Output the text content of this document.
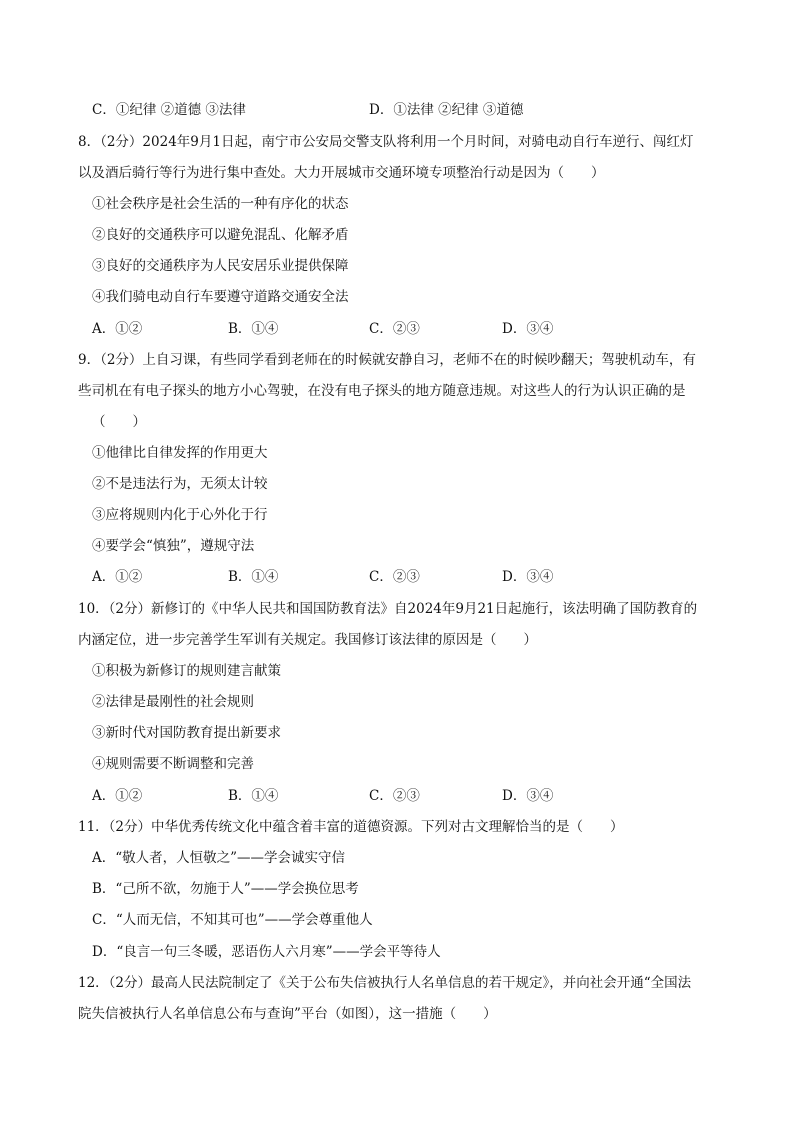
C．①纪律 ②道德 ③法律	D．①法律 ②纪律 ③道德
8．（2分）2024年9月1日起，南宁市公安局交警支队将利用一个月时间，对骑电动自行车逆行、闯红灯
以及酒后骑行等行为进行集中查处。大力开展城市交通环境专项整治行动是因为（　　）
①社会秩序是社会生活的一种有序化的状态
②良好的交通秩序可以避免混乱、化解矛盾
③良好的交通秩序为人民安居乐业提供保障
④我们骑电动自行车要遵守道路交通安全法
A．①②	B．①④	C．②③	D．③④
9．（2分）上自习课，有些同学看到老师在的时候就安静自习，老师不在的时候吵翻天；驾驶机动车，有
些司机在有电子探头的地方小心驾驶，在没有电子探头的地方随意违规。对这些人的行为认识正确的是
（　　）
①他律比自律发挥的作用更大
②不是违法行为，无须太计较
③应将规则内化于心外化于行
④要学会“慎独”，遵规守法
A．①②	B．①④	C．②③	D．③④
10．（2分）新修订的《中华人民共和国国防教育法》自2024年9月21日起施行，该法明确了国防教育的
内涵定位，进一步完善学生军训有关规定。我国修订该法律的原因是（　　）
①积极为新修订的规则建言献策
②法律是最刚性的社会规则
③新时代对国防教育提出新要求
④规则需要不断调整和完善
A．①②	B．①④	C．②③	D．③④
11．（2分）中华优秀传统文化中蕴含着丰富的道德资源。下列对古文理解恰当的是（　　）
A．“敬人者，人恒敬之”——学会诚实守信
B．“己所不欲，勿施于人”——学会换位思考
C．“人而无信，不知其可也”——学会尊重他人
D．“良言一句三冬暖，恶语伤人六月寒”——学会平等待人
12．（2分）最高人民法院制定了《关于公布失信被执行人名单信息的若干规定》，并向社会开通“全国法
院失信被执行人名单信息公布与查询”平台（如图），这一措施（　　）
